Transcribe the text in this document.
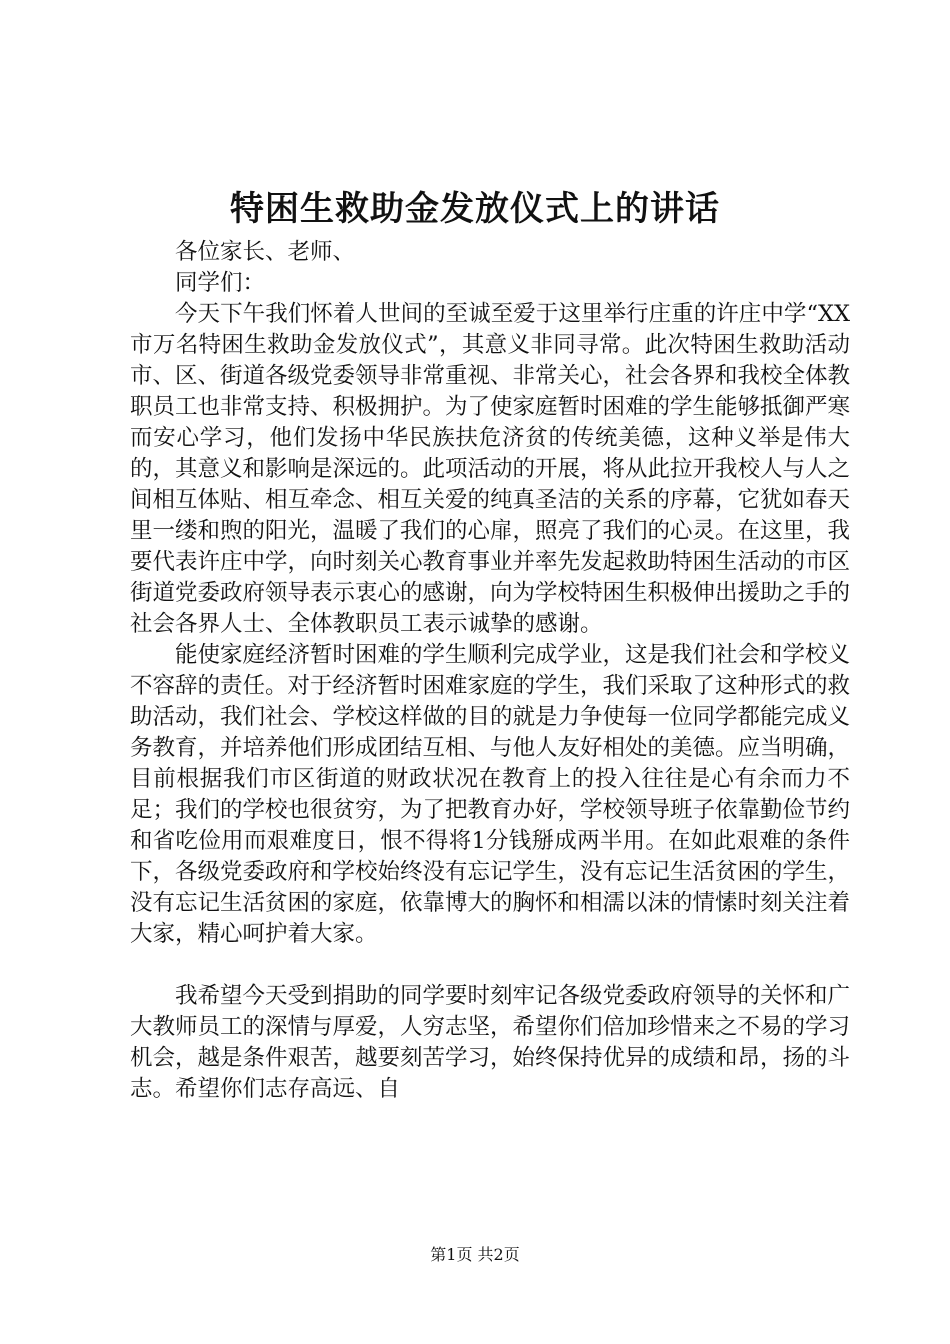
特困生救助金发放仪式上的讲话

各位家长、老师、

同学们：

今天下午我们怀着人世间的至诚至爱于这里举行庄重的许庄中学“XX市万名特困生救助金发放仪式”，其意义非同寻常。此次特困生救助活动市、区、街道各级党委领导非常重视、非常关心，社会各界和我校全体教职员工也非常支持、积极拥护。为了使家庭暂时困难的学生能够抵御严寒而安心学习，他们发扬中华民族扶危济贫的传统美德，这种义举是伟大的，其意义和影响是深远的。此项活动的开展，将从此拉开我校人与人之间相互体贴、相互牵念、相互关爱的纯真圣洁的关系的序幕，它犹如春天里一缕和煦的阳光，温暖了我们的心扉，照亮了我们的心灵。在这里，我要代表许庄中学，向时刻关心教育事业并率先发起救助特困生活动的市区街道党委政府领导表示衷心的感谢，向为学校特困生积极伸出援助之手的社会各界人士、全体教职员工表示诚挚的感谢。

能使家庭经济暂时困难的学生顺利完成学业，这是我们社会和学校义不容辞的责任。对于经济暂时困难家庭的学生，我们采取了这种形式的救助活动，我们社会、学校这样做的目的就是力争使每一位同学都能完成义务教育，并培养他们形成团结互相、与他人友好相处的美德。应当明确，目前根据我们市区街道的财政状况在教育上的投入往往是心有余而力不足；我们的学校也很贫穷，为了把教育办好，学校领导班子依靠勤俭节约和省吃俭用而艰难度日，恨不得将1分钱掰成两半用。在如此艰难的条件下，各级党委政府和学校始终没有忘记学生，没有忘记生活贫困的学生，没有忘记生活贫困的家庭，依靠博大的胸怀和相濡以沫的情愫时刻关注着大家，精心呵护着大家。

我希望今天受到捐助的同学要时刻牢记各级党委政府领导的关怀和广大教师员工的深情与厚爱，人穷志坚，希望你们倍加珍惜来之不易的学习机会，越是条件艰苦，越要刻苦学习，始终保持优异的成绩和昂，扬的斗志。希望你们志存高远、自

第1页 共2页
